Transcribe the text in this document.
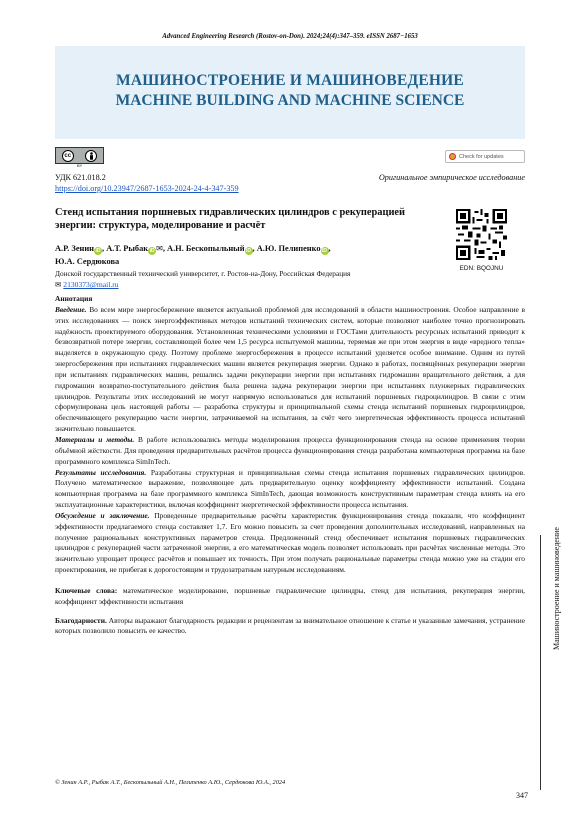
Advanced Engineering Research (Rostov-on-Don). 2024;24(4):347–359. eISSN 2687−1653
МАШИНОСТРОЕНИЕ И МАШИНОВЕДЕНИЕ
MACHINE BUILDING AND MACHINE SCIENCE
cc
BY
Check for updates
УДК 621.018.2
https://doi.org/10.23947/2687-1653-2024-24-4-347-359
Оригинальное эмпирическое исследование
Стенд испытания поршневых гидравлических цилиндров с рекуперацией энергии: структура, моделирование и расчёт
EDN: BQOJNU
А.Р. Зенин iD , А.Т. Рыбак iD ✉, А.Н. Бескопыльный iD , А.Ю. Пелипенко iD ,
Ю.А. Сердюкова
Донской государственный технический университет, г. Ростов-на-Дону, Российская Федерация
✉ 2130373@mail.ru

Аннотация

Введение. Во всем мире энергосбережение является актуальной проблемой для исследований в области машиностроения. Особое направление в этих исследованиях — поиск энергоэффективных методов испытаний технических систем, которые позволяют наиболее точно прогнозировать надёжность проектируемого оборудования. Установленная техническими условиями и ГОСТами длительность ресурсных испытаний приводит к безвозвратной потере энергии, составляющей более чем 1,5 ресурса испытуемой машины, теряемая же при этом энергия в виде «вредного тепла» выделяется в окружающую среду. Поэтому проблеме энергосбережения в процессе испытаний уделяется особое внимание. Одним из путей энергосбережения при испытаниях гидравлических машин является рекуперация энергии. Однако в работах, посвящённых рекуперации энергии при испытаниях гидравлических машин, решались задачи рекуперации энергии при испытаниях гидромашин вращательного действия, а для гидромашин возвратно-поступательного действия была решена задача рекуперации энергии при испытаниях плунжерных гидравлических цилиндров. Результаты этих исследований не могут напрямую использоваться для испытаний поршневых гидроцилиндров. В связи с этим сформулирована цель настоящей работы — разработка структуры и принципиальной схемы стенда испытаний поршневых гидроцилиндров, обеспечивающего рекуперацию части энергии, затрачиваемой на испытания, за счёт чего энергетическая эффективность процесса испытаний значительно повышается.

Материалы и методы. В работе использовались методы моделирования процесса функционирования стенда на основе применения теории объёмной жёсткости. Для проведения предварительных расчётов процесса функционирования стенда разработана компьютерная программа на базе программного комплекса SimInTech.

Результаты исследования. Разработаны структурная и принципиальная схемы стенда испытания поршневых гидравлических цилиндров. Получено математическое выражение, позволяющее дать предварительную оценку коэффициенту эффективности испытаний. Создана компьютерная программа на базе программного комплекса SimInTech, дающая возможность конструктивным параметрам стенда влиять на его эксплуатационные характеристики, включая коэффициент энергетической эффективности процесса испытания.

Обсуждение и заключение. Проведенные предварительные расчёты характеристик функционирования стенда показали, что коэффициент эффективности предлагаемого стенда составляет 1,7. Его можно повысить за счет проведения дополнительных исследований, направленных на получение рациональных конструктивных параметров стенда. Предложенный стенд обеспечивает испытания поршневых гидравлических цилиндров с рекуперацией части затраченной энергии, а его математическая модель позволяет использовать при расчётах численные методы. Это значительно упрощает процесс расчётов и повышает их точность. При этом получать рациональные параметры стенда можно уже на стадии его проектирования, не прибегая к дорогостоящим и трудозатратным натурным исследованиям.

Ключевые слова: математическое моделирование, поршневые гидравлические цилиндры, стенд для испытания, рекуперация энергии, коэффициент эффективности испытания

Благодарности. Авторы выражают благодарность редакции и рецензентам за внимательное отношение к статье и указанные замечания, устранение которых позволило повысить ее качество.

© Зенин А.Р., Рыбак А.Т., Бескопыльный А.Н., Пелипенко А.Ю., Сердюкова Ю.А., 2024
347
Машиностроение и машиноведение
